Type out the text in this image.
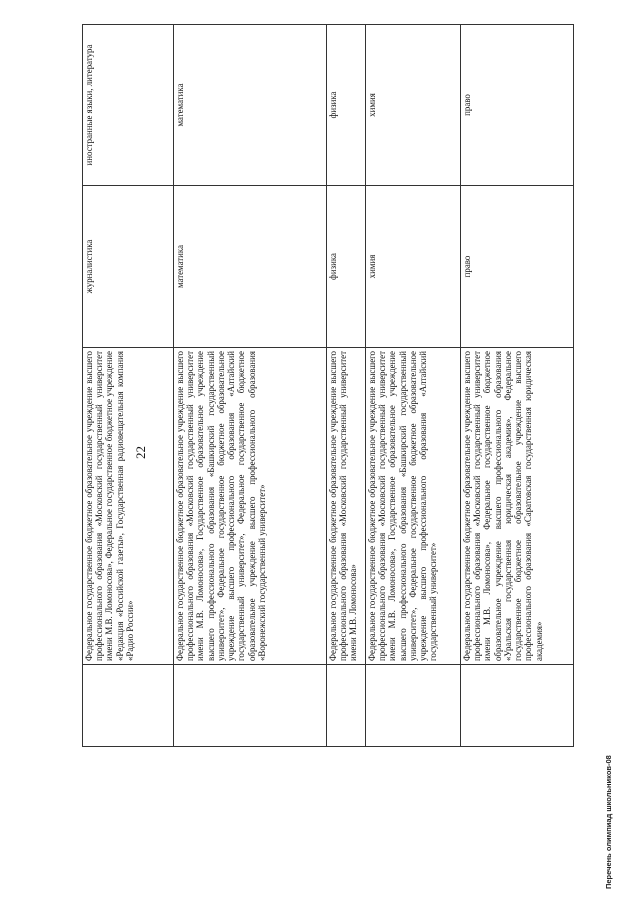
22
	Федеральное государственное бюджетное образовательное учреждение высшего профессионального образования «Московский государственный университет имени М.В. Ломоносова», Федеральное государственное бюджетное учреждение «Редакция «Российской газеты», Государственная радиовещательная компания «Радио России»	журналистика	иностранные языки, литература
	Федеральное государственное бюджетное образовательное учреждение высшего профессионального образования «Московский государственный университет имени М.В. Ломоносова», Государственное образовательное учреждение высшего профессионального образования «Башкирский государственный университет», Федеральное государственное бюджетное образовательное учреждение высшего профессионального образования «Алтайский государственный университет», Федеральное государственное бюджетное образовательное учреждение высшего профессионального образования «Воронежский государственный университет»	математика	математика
	Федеральное государственное бюджетное образовательное учреждение высшего профессионального образования «Московский государственный университет имени М.В. Ломоносова»	физика	физика
	Федеральное государственное бюджетное образовательное учреждение высшего профессионального образования «Московский государственный университет имени М.В. Ломоносова», Государственное образовательное учреждение высшего профессионального образования «Башкирский государственный университет», Федеральное государственное бюджетное образовательное учреждение высшего профессионального образования «Алтайский государственный университет»	химия	химия
	Федеральное государственное бюджетное образовательное учреждение высшего профессионального образования «Московский государственный университет имени М.В. Ломоносова», Федеральное государственное бюджетное образовательное учреждение высшего профессионального образования «Уральская государственная юридическая академия», Федеральное государственное бюджетное образовательное учреждение высшего профессионального образования «Саратовская государственная юридическая академия»	право	право
Перечень олимпиад школьников-08
